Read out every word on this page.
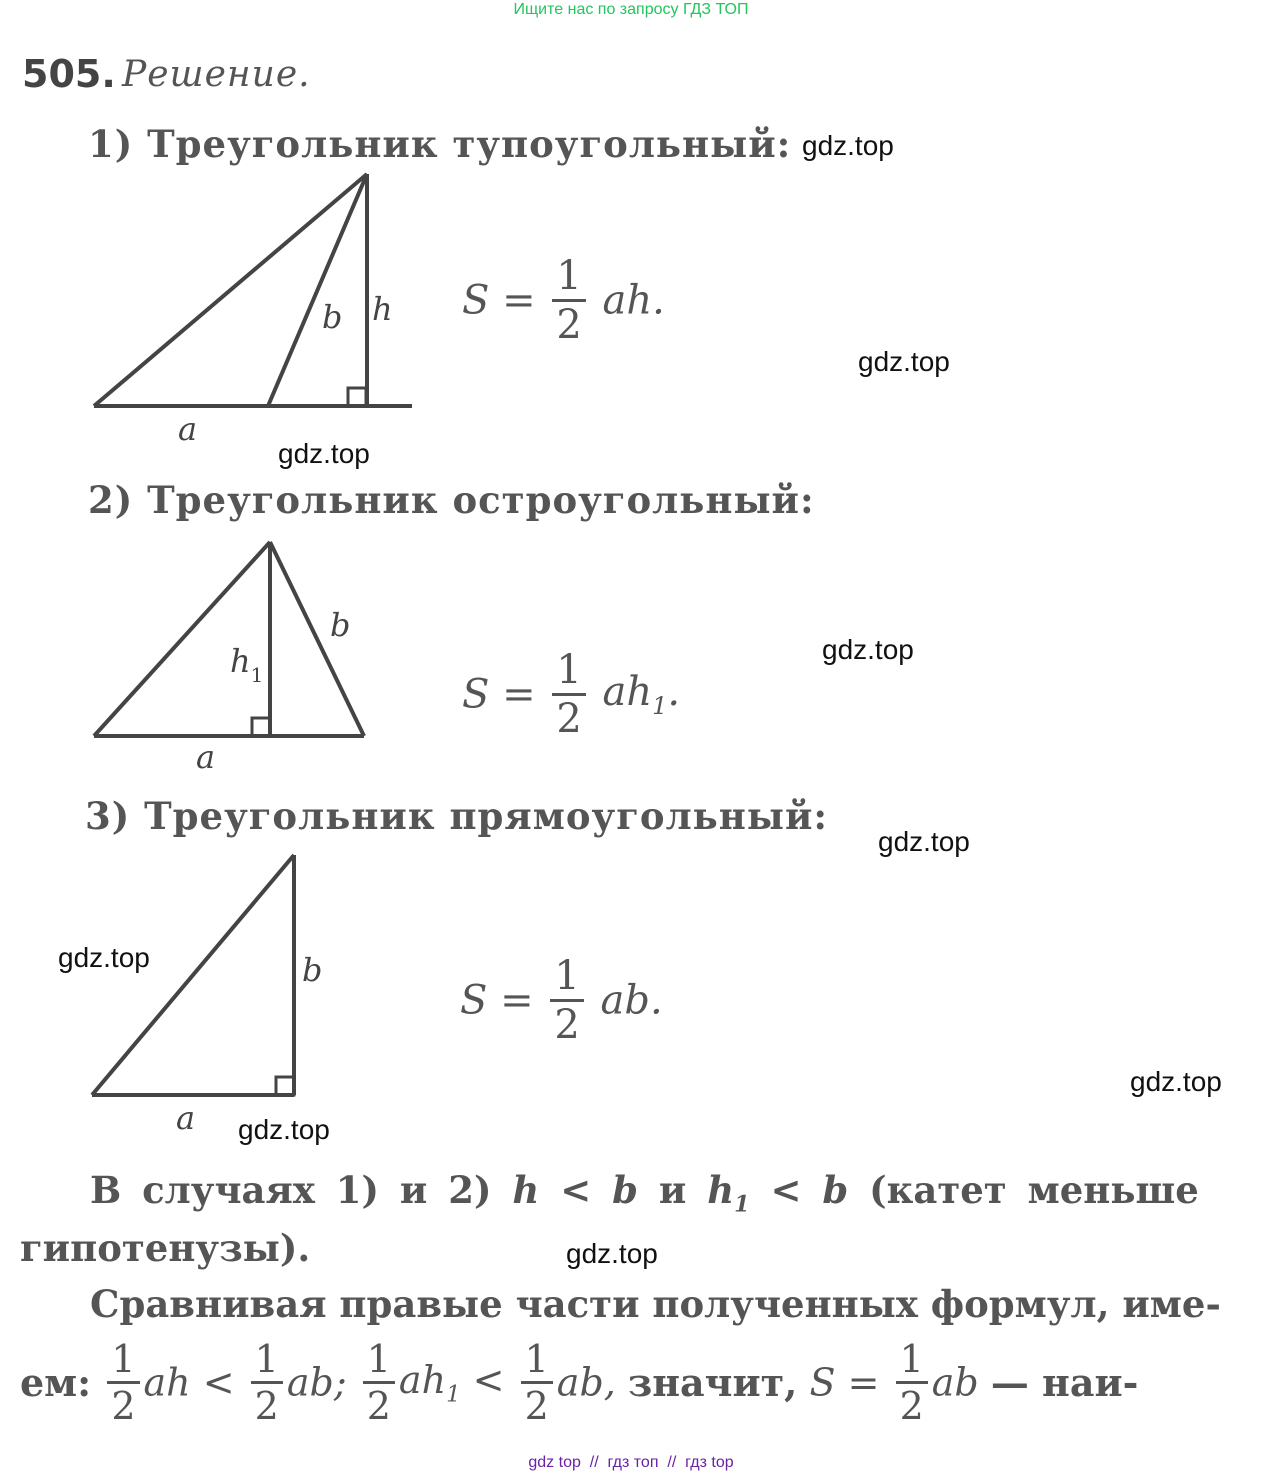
Ищите нас по запросу ГДЗ ТОП
505. Решение.
1) Треугольник тупоугольный:
a
b h $S = \frac{1}{2}$ ah.
2) Треугольник остроугольный:
a
b
$h_1$	$S = \frac{1}{2} ah_1$.
3) Треугольник прямоугольный:
a
b
$S = \frac{1}{2}$ ab.
В случаях 1) и 2) h < b и $h_1 < b$ (катет меньше
гипотенузы).
Сравнивая правые части полученных формул, име-
ем: $\frac{1}{2}$ ah < $\frac{1}{2}$ ab; $\frac{1}{2} ah_1 < \frac{1}{2}$ ab, значит, $S = \frac{1}{2}$ ab — наи-
gdz.top
gdz.top
gdz.top
gdz.top
gdz.top
gdz.top
gdz.top
gdz.top
gdz.top
gdz top  //  гдз топ  //  гдз top
